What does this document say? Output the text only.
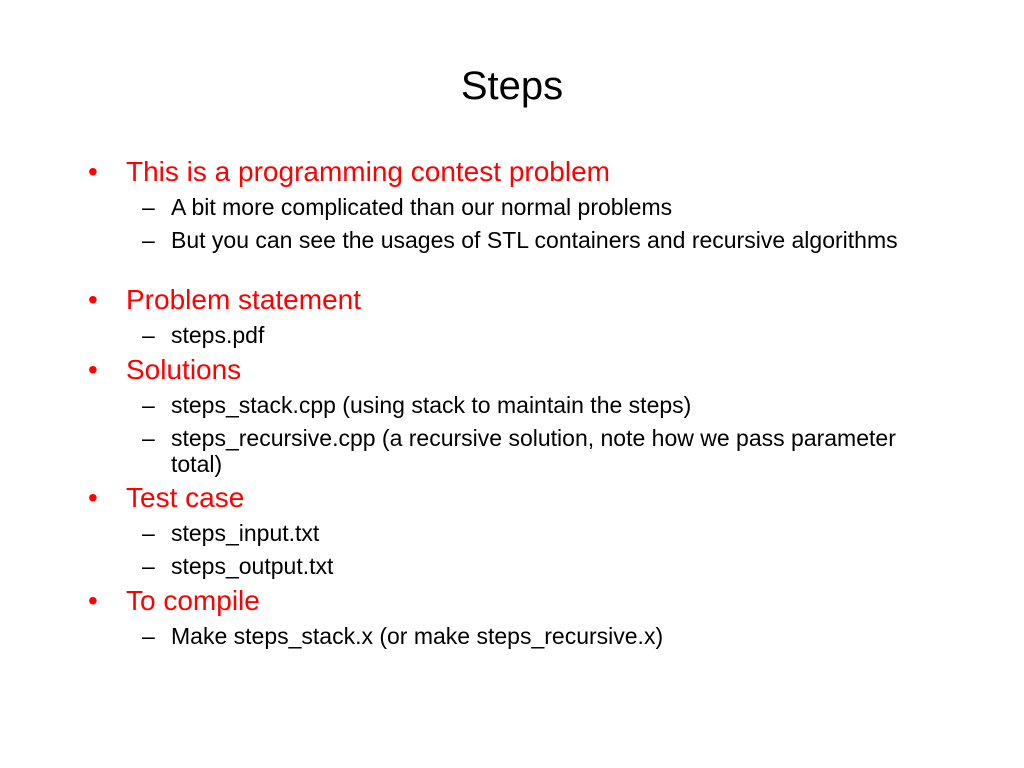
Steps
• This is a programming contest problem
– A bit more complicated than our normal problems
– But you can see the usages of STL containers and recursive algorithms
• Problem statement
– steps.pdf
• Solutions
– steps_stack.cpp (using stack to maintain the steps)
– steps_recursive.cpp (a recursive solution, note how we pass parameter total)
• Test case
– steps_input.txt
– steps_output.txt
• To compile
– Make steps_stack.x (or make steps_recursive.x)
